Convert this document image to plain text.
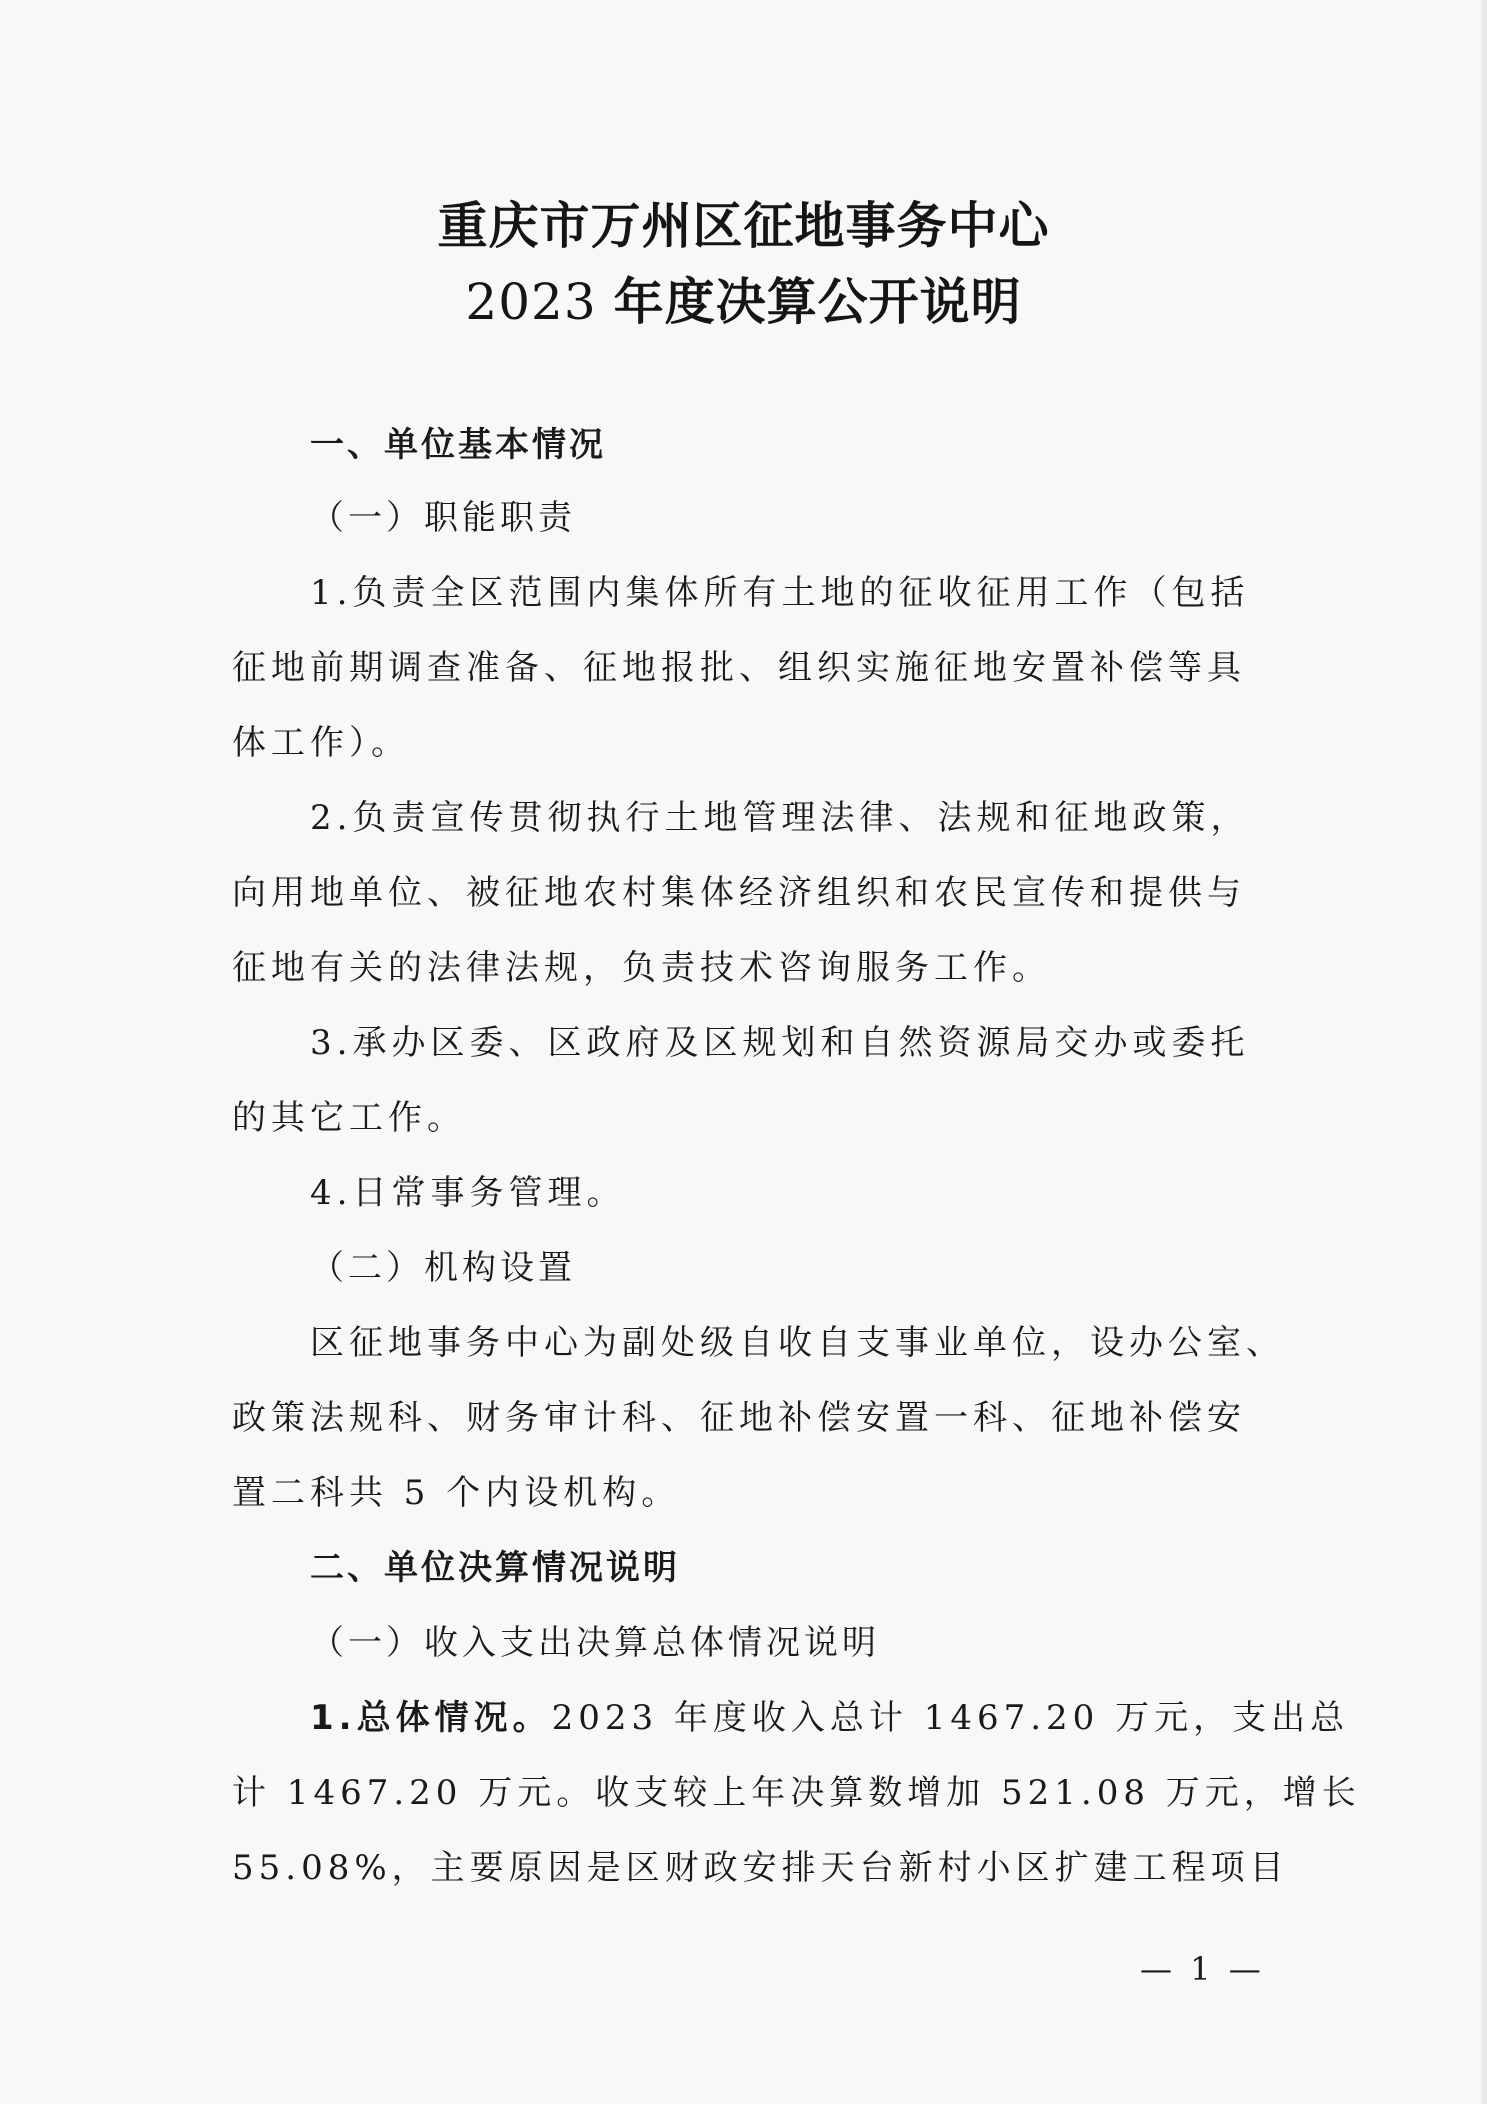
重庆市万州区征地事务中心
2023 年度决算公开说明
一、单位基本情况
（一）职能职责
1.负责全区范围内集体所有土地的征收征用工作（包括
征地前期调查准备、征地报批、组织实施征地安置补偿等具
体工作）。
2.负责宣传贯彻执行土地管理法律、法规和征地政策，
向用地单位、被征地农村集体经济组织和农民宣传和提供与
征地有关的法律法规，负责技术咨询服务工作。
3.承办区委、区政府及区规划和自然资源局交办或委托
的其它工作。
4.日常事务管理。
（二）机构设置
区征地事务中心为副处级自收自支事业单位，设办公室、
政策法规科、财务审计科、征地补偿安置一科、征地补偿安
置二科共 5 个内设机构。
二、单位决算情况说明
（一）收入支出决算总体情况说明
1.总体情况。2023 年度收入总计 1467.20 万元，支出总
计 1467.20 万元。收支较上年决算数增加 521.08 万元，增长
55.08%，主要原因是区财政安排天台新村小区扩建工程项目
— 1 —
